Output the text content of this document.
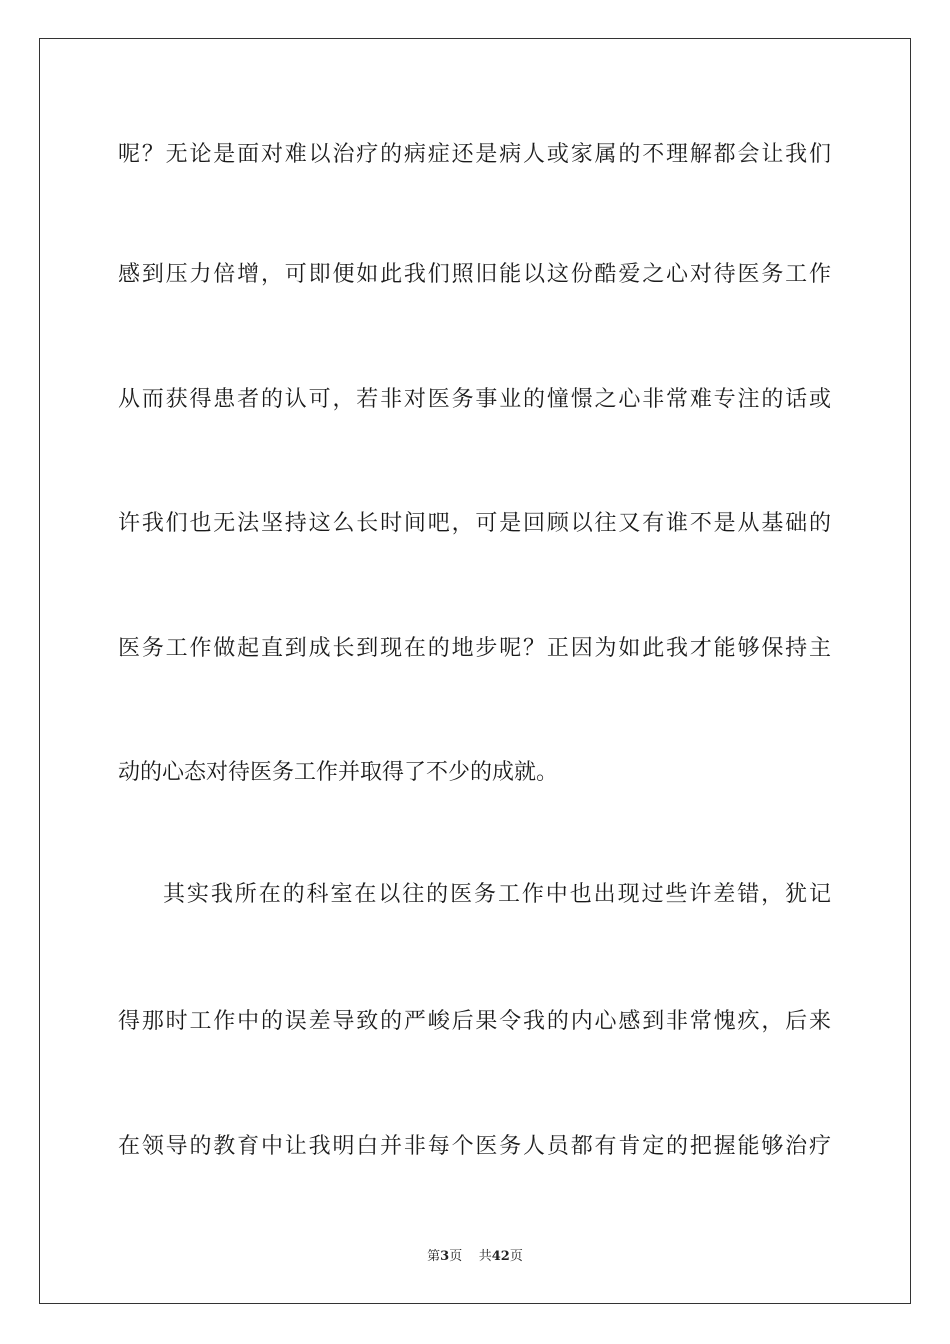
呢？无论是面对难以治疗的病症还是病人或家属的不理解都会让我们
感到压力倍增，可即便如此我们照旧能以这份酷爱之心对待医务工作
从而获得患者的认可，若非对医务事业的憧憬之心非常难专注的话或
许我们也无法坚持这么长时间吧，可是回顾以往又有谁不是从基础的
医务工作做起直到成长到现在的地步呢？正因为如此我才能够保持主
动的心态对待医务工作并取得了不少的成就。
其实我所在的科室在以往的医务工作中也出现过些许差错，犹记
得那时工作中的误差导致的严峻后果令我的内心感到非常愧疚，后来
在领导的教育中让我明白并非每个医务人员都有肯定的把握能够治疗
第3页 共42页
